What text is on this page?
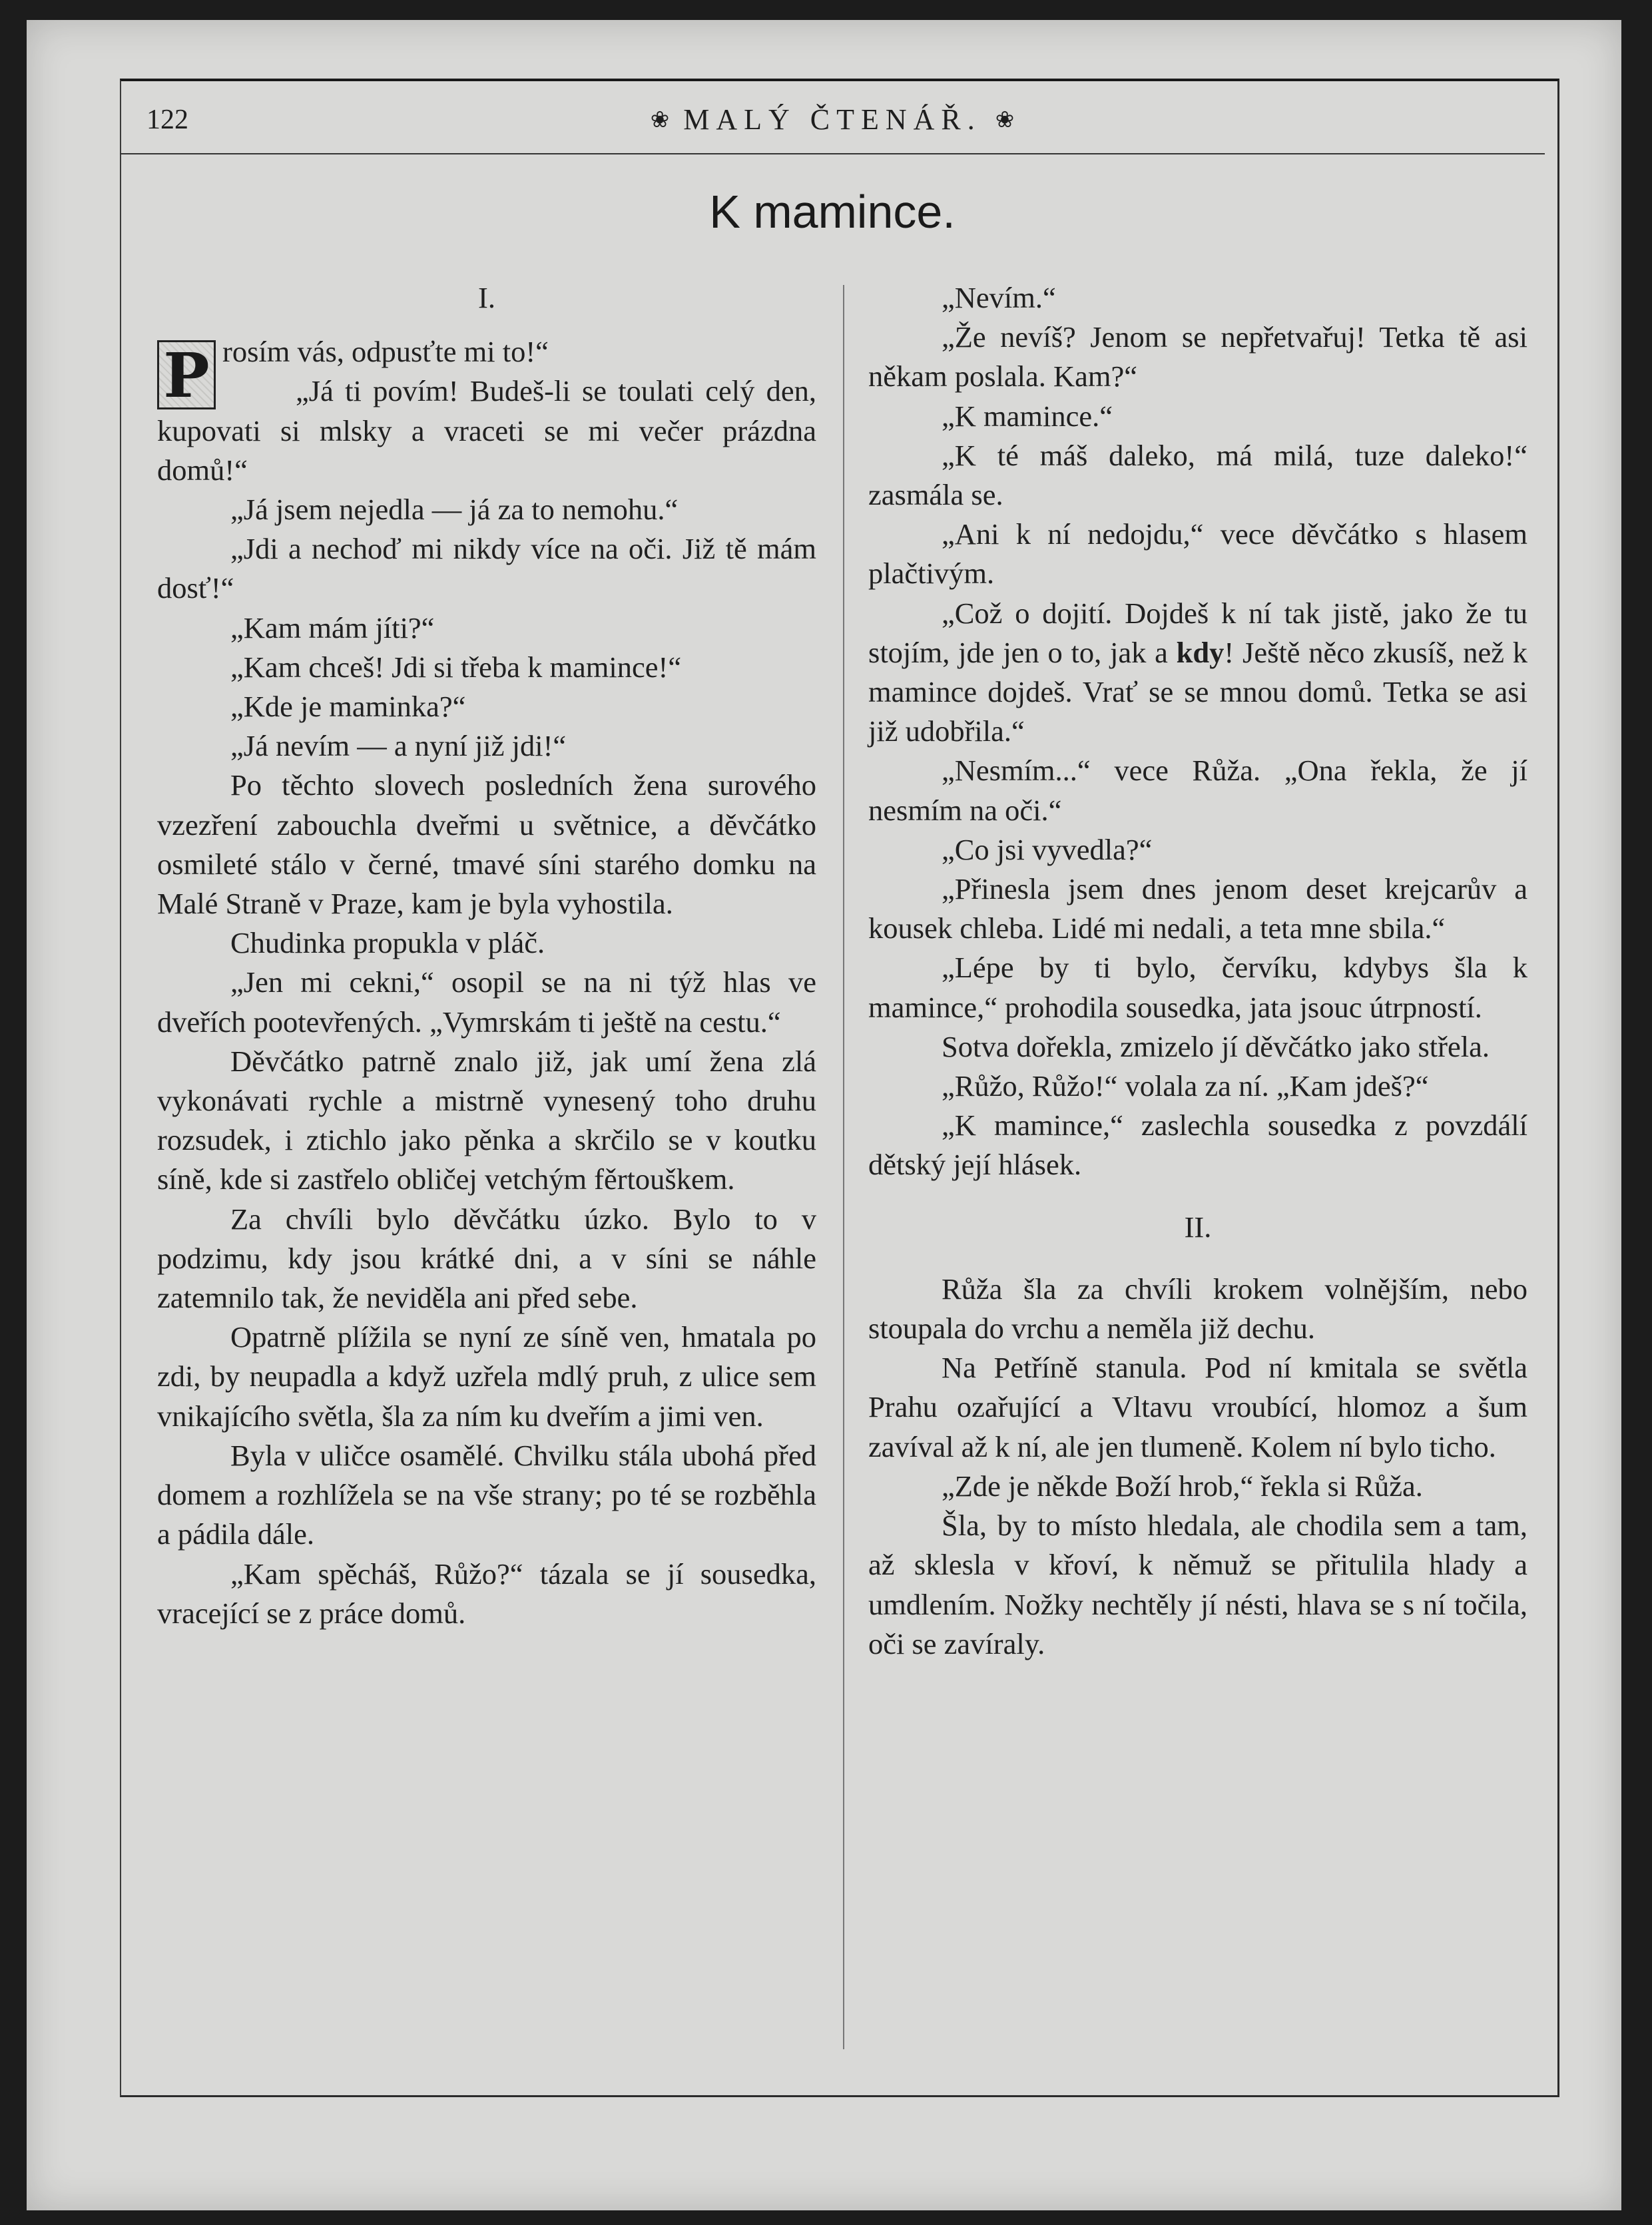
122	❀ MALÝ ČTENÁŘ. ❀
K mamince.

I.

P rosím vás, odpusťte mi to!“

„Já ti povím! Budeš-li se toulati celý den, kupovati si mlsky a vraceti se mi večer prázdna domů!“

„Já jsem nejedla — já za to nemohu.“

„Jdi a nechoď mi nikdy více na oči. Již tě mám dosť!“

„Kam mám jíti?“

„Kam chceš! Jdi si třeba k mamince!“

„Kde je maminka?“

„Já nevím — a nyní již jdi!“

Po těchto slovech posledních žena surového vzezření zabouchla dveřmi u světnice, a děvčátko osmileté stálo v černé, tmavé síni starého domku na Malé Straně v Praze, kam je byla vyhostila.

Chudinka propukla v pláč.

„Jen mi cekni,“ osopil se na ni týž hlas ve dveřích pootevřených. „Vymrskám ti ještě na cestu.“

Děvčátko patrně znalo již, jak umí žena zlá vykonávati rychle a mistrně vynesený toho druhu rozsudek, i ztichlo jako pěnka a skrčilo se v koutku síně, kde si zastřelo obličej vetchým fěrtouškem.

Za chvíli bylo děvčátku úzko. Bylo to v podzimu, kdy jsou krátké dni, a v síni se náhle zatemnilo tak, že neviděla ani před sebe.

Opatrně plížila se nyní ze síně ven, hmatala po zdi, by neupadla a když uzřela mdlý pruh, z ulice sem vnikajícího světla, šla za ním ku dveřím a jimi ven.

Byla v uličce osamělé. Chvilku stála ubohá před domem a rozhlížela se na vše strany; po té se rozběhla a pádila dále.

„Kam spěcháš, Růžo?“ tázala se jí sousedka, vracející se z práce domů.

„Nevím.“

„Že nevíš? Jenom se nepřetvařuj! Tetka tě asi někam poslala. Kam?“

„K mamince.“

„K té máš daleko, má milá, tuze daleko!“ zasmála se.

„Ani k ní nedojdu,“ vece děvčátko s hlasem plačtivým.

„Což o dojití. Dojdeš k ní tak jistě, jako že tu stojím, jde jen o to, jak a kdy! Ještě něco zkusíš, než k mamince dojdeš. Vrať se se mnou domů. Tetka se asi již udobřila.“

„Nesmím...“ vece Růža. „Ona řekla, že jí nesmím na oči.“

„Co jsi vyvedla?“

„Přinesla jsem dnes jenom deset krejcarův a kousek chleba. Lidé mi nedali, a teta mne sbila.“

„Lépe by ti bylo, červíku, kdybys šla k mamince,“ prohodila sousedka, jata jsouc útrpností.

Sotva dořekla, zmizelo jí děvčátko jako střela.

„Růžo, Růžo!“ volala za ní. „Kam jdeš?“

„K mamince,“ zaslechla sousedka z povzdálí dětský její hlásek.

II.

Růža šla za chvíli krokem volnějším, nebo stoupala do vrchu a neměla již dechu.

Na Petříně stanula. Pod ní kmitala se světla Prahu ozařující a Vltavu vroubící, hlomoz a šum zavíval až k ní, ale jen tlumeně. Kolem ní bylo ticho.

„Zde je někde Boží hrob,“ řekla si Růža.

Šla, by to místo hledala, ale chodila sem a tam, až sklesla v křoví, k němuž se přitulila hlady a umdlením. Nožky nechtěly jí nésti, hlava se s ní točila, oči se zavíraly.
